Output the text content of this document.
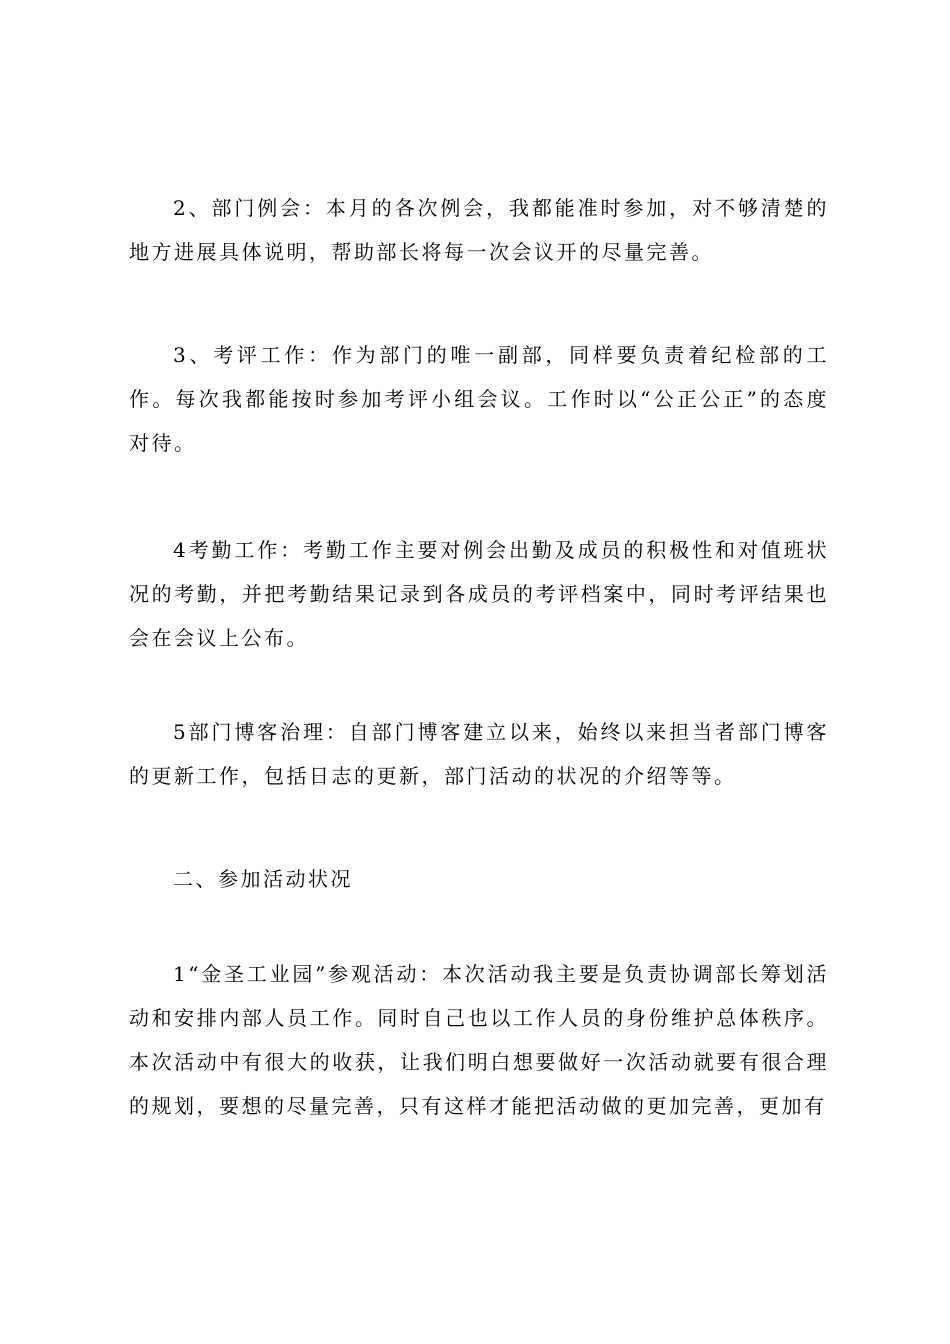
2、部门例会：本月的各次例会，我都能准时参加，对不够清楚的地方进展具体说明，帮助部长将每一次会议开的尽量完善。

3、考评工作：作为部门的唯一副部，同样要负责着纪检部的工作。每次我都能按时参加考评小组会议。工作时以“公正公正”的态度对待。

4考勤工作：考勤工作主要对例会出勤及成员的积极性和对值班状况的考勤，并把考勤结果记录到各成员的考评档案中，同时考评结果也会在会议上公布。

5部门博客治理：自部门博客建立以来，始终以来担当者部门博客的更新工作，包括日志的更新，部门活动的状况的介绍等等。

二、参加活动状况

1“金圣工业园”参观活动：本次活动我主要是负责协调部长筹划活动和安排内部人员工作。同时自己也以工作人员的身份维护总体秩序。本次活动中有很大的收获，让我们明白想要做好一次活动就要有很合理的规划，要想的尽量完善，只有这样才能把活动做的更加完善，更加有
